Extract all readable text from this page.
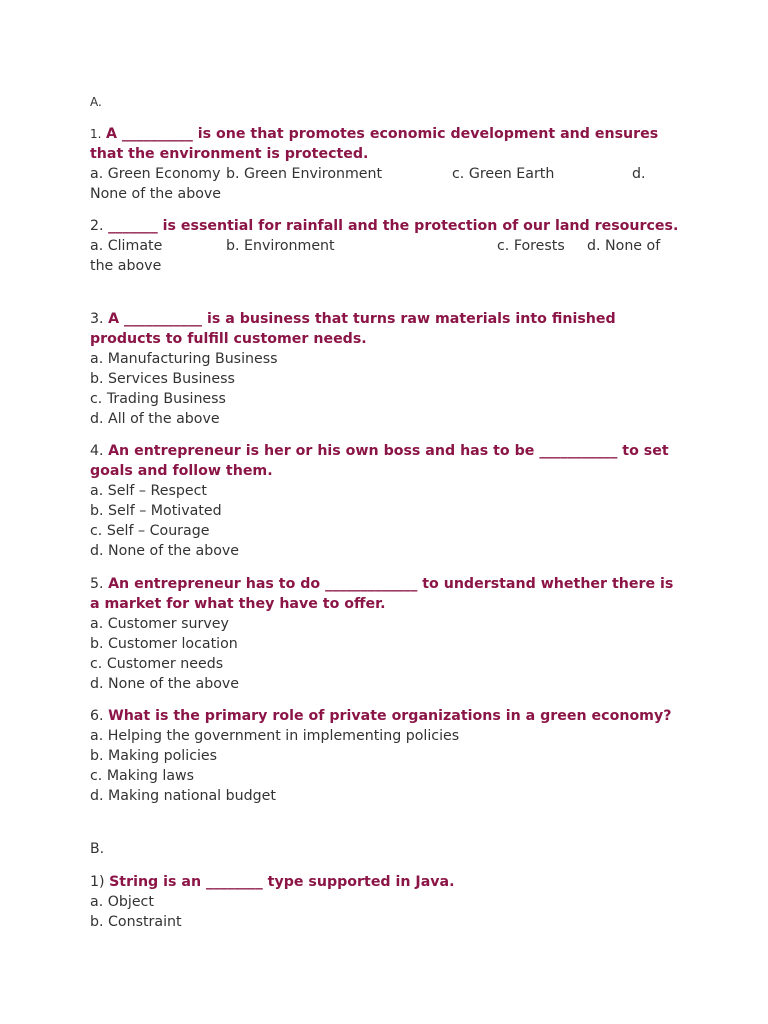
A.
1. A __________ is one that promotes economic development and ensures that the environment is protected.
a. Green Economy b. Green Environment	c. Green Earth	d.
None of the above
2. _______ is essential for rainfall and the protection of our land resources.
a. Climate	b. Environment	c. Forests d. None of
the above
3. A ___________ is a business that turns raw materials into finished products to fulfill customer needs.
a. Manufacturing Business
b. Services Business
c. Trading Business
d. All of the above
4. An entrepreneur is her or his own boss and has to be ___________ to set goals and follow them.
a. Self – Respect
b. Self – Motivated
c. Self – Courage
d. None of the above
5. An entrepreneur has to do _____________ to understand whether there is a market for what they have to offer.
a. Customer survey
b. Customer location
c. Customer needs
d. None of the above
6. What is the primary role of private organizations in a green economy?
a. Helping the government in implementing policies
b. Making policies
c. Making laws
d. Making national budget
B.
1) String is an ________ type supported in Java.
a. Object
b. Constraint
